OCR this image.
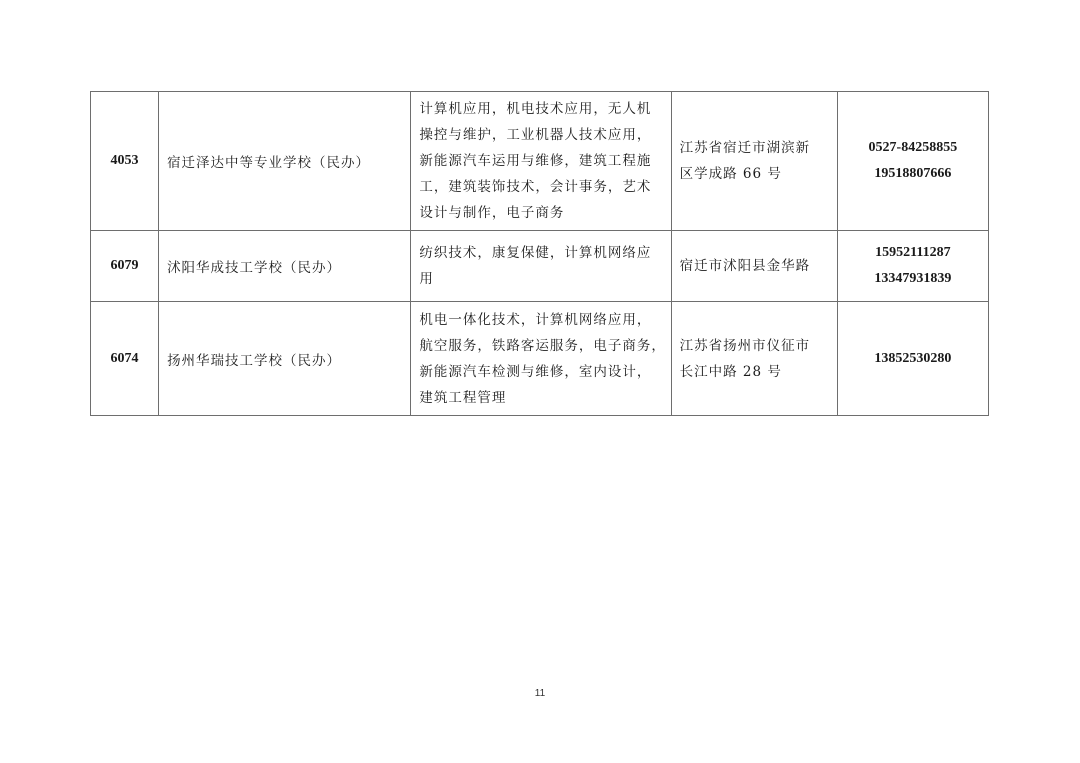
4053	宿迁泽达中等专业学校（民办）	计算机应用，机电技术应用，无人机
操控与维护，工业机器人技术应用，
新能源汽车运用与维修，建筑工程施
工，建筑装饰技术，会计事务，艺术
设计与制作，电子商务	江苏省宿迁市湖滨新
区学成路 66 号	0527-84258855
19518807666

6079	沭阳华成技工学校（民办）	纺织技术，康复保健，计算机网络应
用	宿迁市沭阳县金华路	15952111287
13347931839

6074	扬州华瑞技工学校（民办）	机电一体化技术，计算机网络应用，
航空服务，铁路客运服务，电子商务，
新能源汽车检测与维修，室内设计，
建筑工程管理	江苏省扬州市仪征市
长江中路 28 号	13852530280
11
